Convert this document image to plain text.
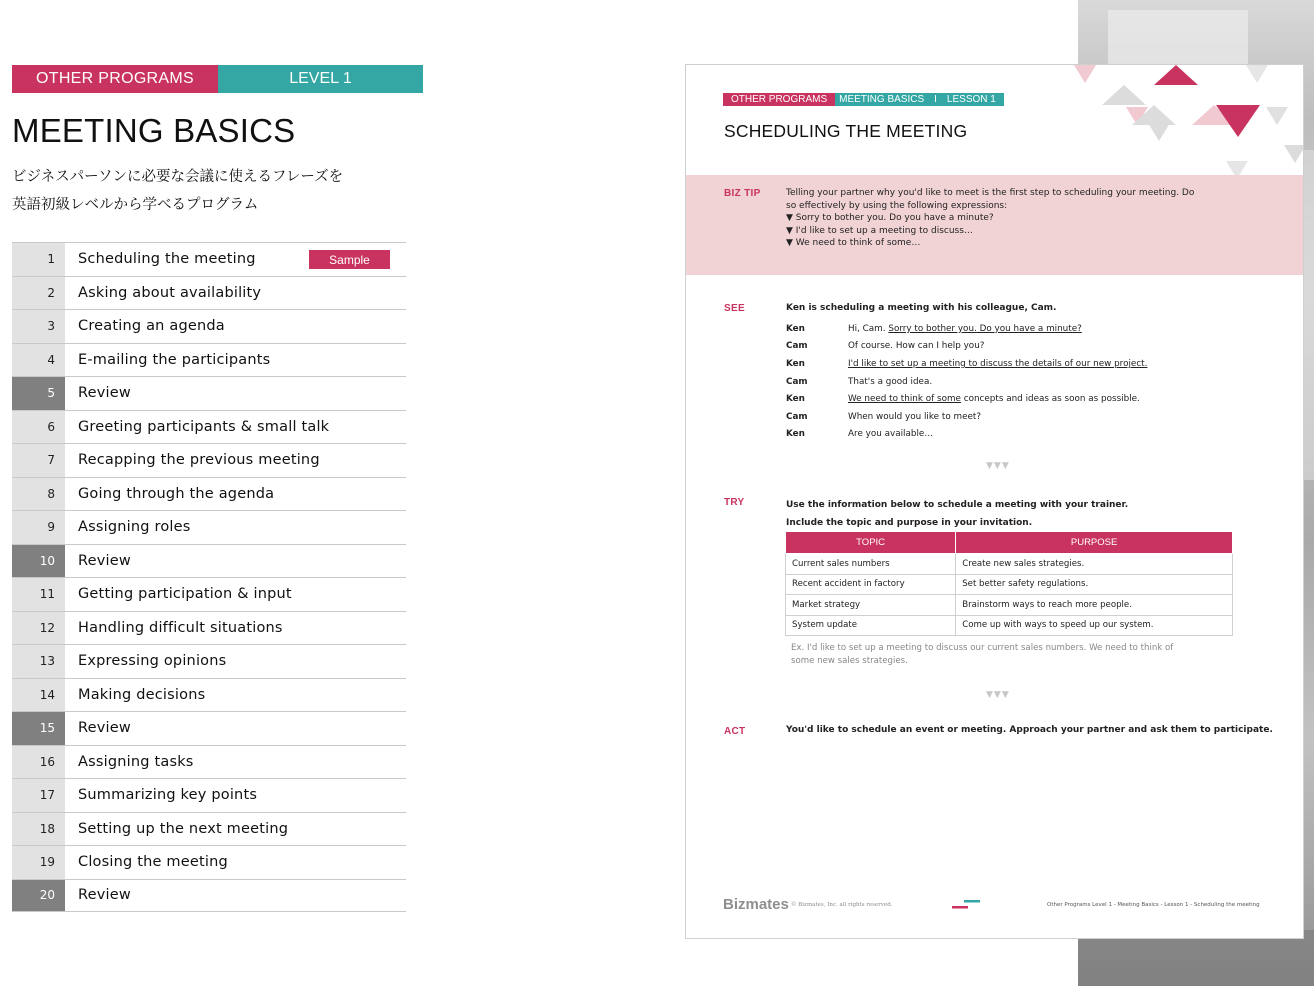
OTHER PROGRAMS	LEVEL 1
MEETING BASICS
ビジネスパーソンに必要な会議に使えるフレーズを
英語初級レベルから学べるプログラム
1	Scheduling the meeting	Sample
2	Asking about availability
3	Creating an agenda
4	E-mailing the participants
5	Review
6	Greeting participants & small talk
7	Recapping the previous meeting
8	Going through the agenda
9	Assigning roles
10	Review
11	Getting participation & input
12	Handling difficult situations
13	Expressing opinions
14	Making decisions
15	Review
16	Assigning tasks
17	Summarizing key points
18	Setting up the next meeting
19	Closing the meeting
20	Review
1
OTHER PROGRAMS	MEETING BASICS	I	LESSON 1
SCHEDULING THE MEETING
BIZ TIP	Telling your partner why you'd like to meet is the first step to scheduling your meeting. Do
so effectively by using the following expressions:
▼ Sorry to bother you. Do you have a minute?
▼ I'd like to set up a meeting to discuss…
▼ We need to think of some…
SEE	Ken is scheduling a meeting with his colleague, Cam.
Ken	Hi, Cam. Sorry to bother you. Do you have a minute?
Cam	Of course. How can I help you?
Ken	I'd like to set up a meeting to discuss the details of our new project.
Cam	That's a good idea.
Ken	We need to think of some concepts and ideas as soon as possible.
Cam	When would you like to meet?
Ken	Are you available…
▼▼▼
TRY	Use the information below to schedule a meeting with your trainer.
Include the topic and purpose in your invitation.
TOPIC	PURPOSE
Current sales numbers	Create new sales strategies.
Recent accident in factory	Set better safety regulations.
Market strategy	Brainstorm ways to reach more people.
System update	Come up with ways to speed up our system.
Ex. I'd like to set up a meeting to discuss our current sales numbers. We need to think of
some new sales strategies.
▼▼▼
ACT	You'd like to schedule an event or meeting. Approach your partner and ask them to participate.
Bizmates © Bizmates, Inc. all rights reserved.	Other Programs Level 1 - Meeting Basics - Lesson 1 - Scheduling the meeting
